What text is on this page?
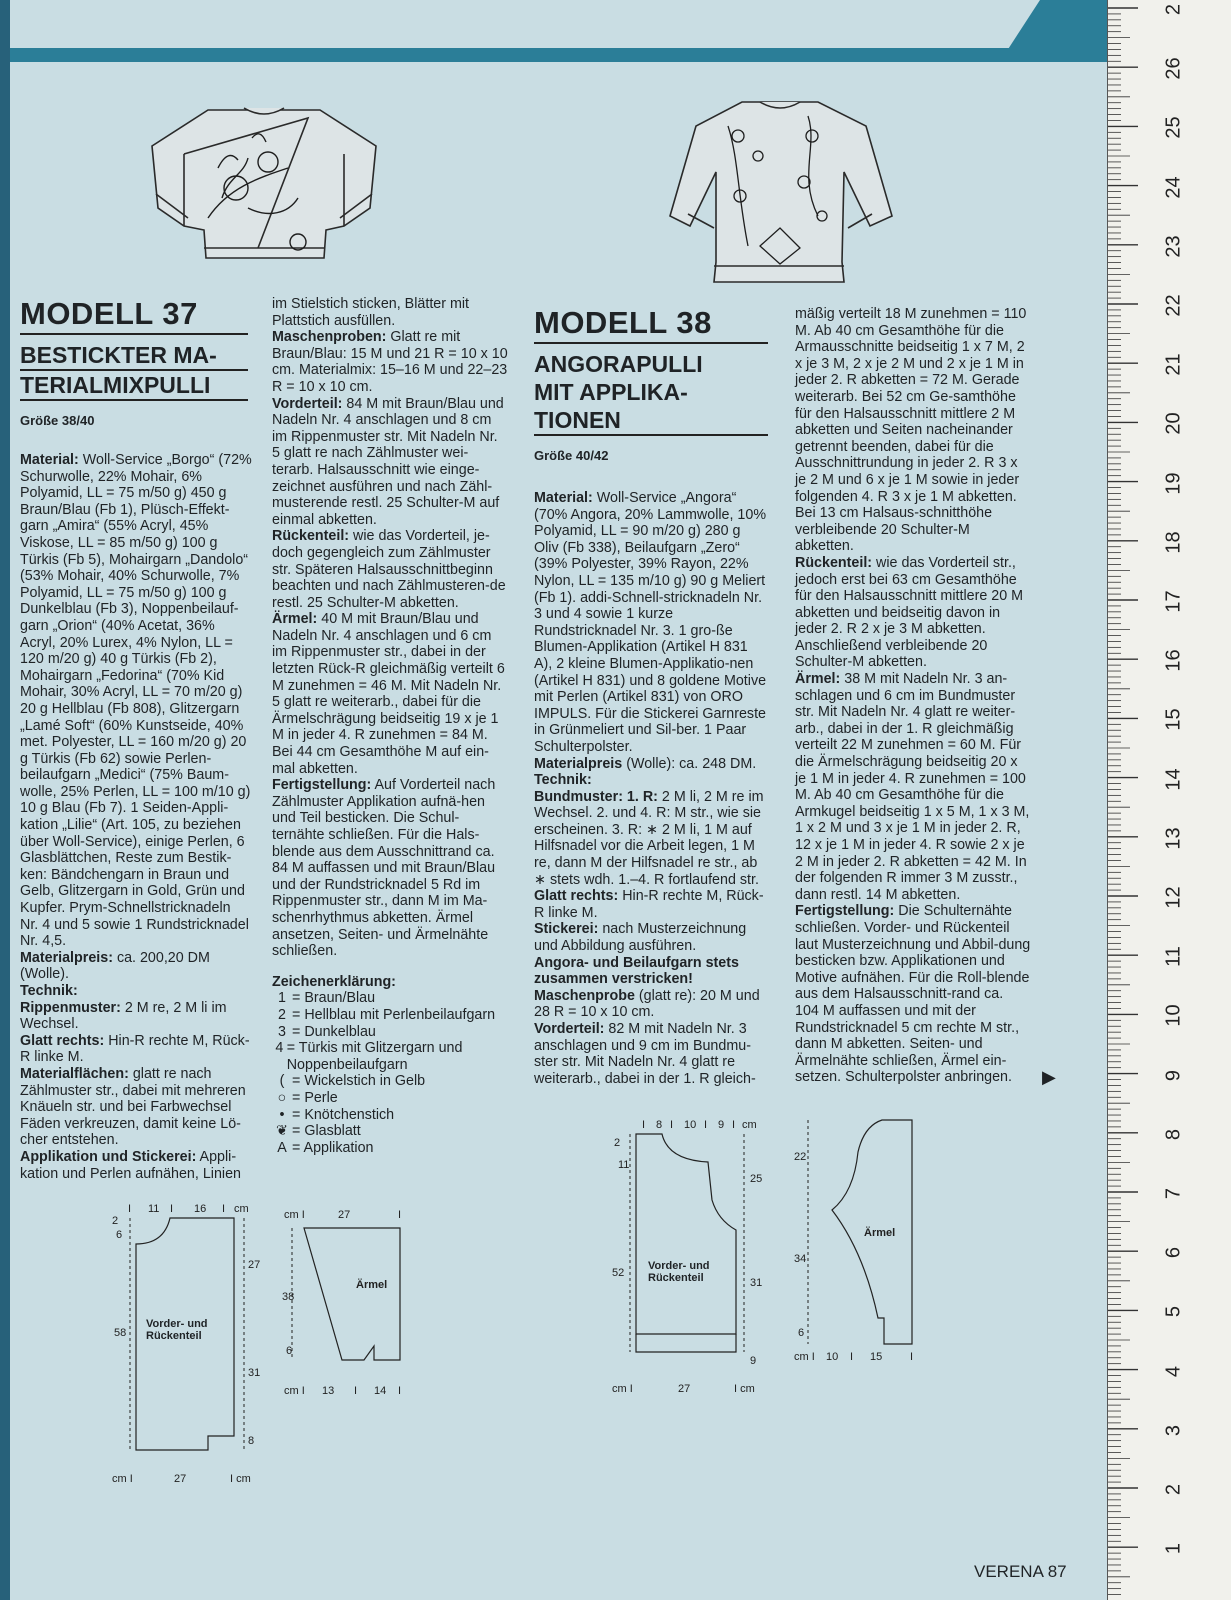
MODELL 37
BESTICKTER MA-
TERIALMIXPULLI
Größe 38/40

Material: Woll-Service „Borgo“ (72% Schurwolle, 22% Mohair, 6% Polyamid, LL = 75 m/50 g) 450 g Braun/Blau (Fb 1), Plüsch-Effekt-garn „Amira“ (55% Acryl, 45% Viskose, LL = 85 m/50 g) 100 g Türkis (Fb 5), Mohairgarn „Dandolo“ (53% Mohair, 40% Schurwolle, 7% Polyamid, LL = 75 m/50 g) 100 g Dunkelblau (Fb 3), Noppenbeilauf-garn „Orion“ (40% Acetat, 36% Acryl, 20% Lurex, 4% Nylon, LL = 120 m/20 g) 40 g Türkis (Fb 2), Mohairgarn „Fedorina“ (70% Kid Mohair, 30% Acryl, LL = 70 m/20 g) 20 g Hellblau (Fb 808), Glitzergarn „Lamé Soft“ (60% Kunstseide, 40% met. Polyester, LL = 160 m/20 g) 20 g Türkis (Fb 62) sowie Perlen-beilaufgarn „Medici“ (75% Baum-wolle, 25% Perlen, LL = 100 m/10 g) 10 g Blau (Fb 7). 1 Seiden-Appli-kation „Lilie“ (Art. 105, zu beziehen über Woll-Service), einige Perlen, 6 Glasblättchen, Reste zum Bestik-ken: Bändchengarn in Braun und Gelb, Glitzergarn in Gold, Grün und Kupfer. Prym-Schnellstricknadeln Nr. 4 und 5 sowie 1 Rundstricknadel Nr. 4,5.

Materialpreis: ca. 200,20 DM (Wolle).

Technik:

Rippenmuster: 2 M re, 2 M li im Wechsel.

Glatt rechts: Hin-R rechte M, Rück-R linke M.

Materialflächen: glatt re nach Zählmuster str., dabei mit mehreren Knäueln str. und bei Farbwechsel Fäden verkreuzen, damit keine Lö-cher entstehen.

Applikation und Stickerei: Appli-kation und Perlen aufnähen, Linien

im Stielstich sticken, Blätter mit Plattstich ausfüllen.

Maschenproben: Glatt re mit Braun/Blau: 15 M und 21 R = 10 x 10 cm. Materialmix: 15–16 M und 22–23 R = 10 x 10 cm.

Vorderteil: 84 M mit Braun/Blau und Nadeln Nr. 4 anschlagen und 8 cm im Rippenmuster str. Mit Nadeln Nr. 5 glatt re nach Zählmuster wei-terarb. Halsausschnitt wie einge-zeichnet ausführen und nach Zähl-musterende restl. 25 Schulter-M auf einmal abketten.

Rückenteil: wie das Vorderteil, je-doch gegengleich zum Zählmuster str. Späteren Halsausschnittbeginn beachten und nach Zählmusteren-de restl. 25 Schulter-M abketten.

Ärmel: 40 M mit Braun/Blau und Nadeln Nr. 4 anschlagen und 6 cm im Rippenmuster str., dabei in der letzten Rück-R gleichmäßig verteilt 6 M zunehmen = 46 M. Mit Nadeln Nr. 5 glatt re weiterarb., dabei für die Ärmelschrägung beidseitig 19 x je 1 M in jeder 4. R zunehmen = 84 M. Bei 44 cm Gesamthöhe M auf ein-mal abketten.

Fertigstellung: Auf Vorderteil nach Zählmuster Applikation aufnä-hen und Teil besticken. Die Schul-ternähte schließen. Für die Hals-blende aus dem Ausschnittrand ca. 84 M auffassen und mit Braun/Blau und der Rundstricknadel 5 Rd im Rippenmuster str., dann M im Ma-schenrhythmus abketten. Ärmel ansetzen, Seiten- und Ärmelnähte schließen.

Zeichenerklärung:
1 = Braun/Blau
2 = Hellblau mit Perlenbeilaufgarn
3 = Dunkelblau
4 = Türkis mit Glitzergarn und Noppenbeilaufgarn
( = Wickelstich in Gelb
○ = Perle
• = Knötchenstich
❦ = Glasblatt
A = Applikation
MODELL 38
ANGORAPULLI
MIT APPLIKA-
TIONEN
Größe 40/42

Material: Woll-Service „Angora“ (70% Angora, 20% Lammwolle, 10% Polyamid, LL = 90 m/20 g) 280 g Oliv (Fb 338), Beilaufgarn „Zero“ (39% Polyester, 39% Rayon, 22% Nylon, LL = 135 m/10 g) 90 g Meliert (Fb 1). addi-Schnell-stricknadeln Nr. 3 und 4 sowie 1 kurze Rundstricknadel Nr. 3. 1 gro-ße Blumen-Applikation (Artikel H 831 A), 2 kleine Blumen-Applikatio-nen (Artikel H 831) und 8 goldene Motive mit Perlen (Artikel 831) von ORO IMPULS. Für die Stickerei Garnreste in Grünmeliert und Sil-ber. 1 Paar Schulterpolster.

Materialpreis (Wolle): ca. 248 DM.

Technik:

Bundmuster: 1. R: 2 M li, 2 M re im Wechsel. 2. und 4. R: M str., wie sie erscheinen. 3. R: ∗ 2 M li, 1 M auf Hilfsnadel vor die Arbeit legen, 1 M re, dann M der Hilfsnadel re str., ab ∗ stets wdh. 1.–4. R fortlaufend str.

Glatt rechts: Hin-R rechte M, Rück-R linke M.

Stickerei: nach Musterzeichnung und Abbildung ausführen.

Angora- und Beilaufgarn stets zusammen verstricken!

Maschenprobe (glatt re): 20 M und 28 R = 10 x 10 cm.

Vorderteil: 82 M mit Nadeln Nr. 3 anschlagen und 9 cm im Bundmu-ster str. Mit Nadeln Nr. 4 glatt re weiterarb., dabei in der 1. R gleich-

mäßig verteilt 18 M zunehmen = 110 M. Ab 40 cm Gesamthöhe für die Armausschnitte beidseitig 1 x 7 M, 2 x je 3 M, 2 x je 2 M und 2 x je 1 M in jeder 2. R abketten = 72 M. Gerade weiterarb. Bei 52 cm Ge-samthöhe für den Halsausschnitt mittlere 2 M abketten und Seiten nacheinander getrennt beenden, dabei für die Ausschnittrundung in jeder 2. R 3 x je 2 M und 6 x je 1 M sowie in jeder folgenden 4. R 3 x je 1 M abketten. Bei 13 cm Halsaus-schnitthöhe verbleibende 20 Schulter-M abketten.

Rückenteil: wie das Vorderteil str., jedoch erst bei 63 cm Gesamthöhe für den Halsausschnitt mittlere 20 M abketten und beidseitig davon in jeder 2. R 2 x je 3 M abketten. Anschließend verbleibende 20 Schulter-M abketten.

Ärmel: 38 M mit Nadeln Nr. 3 an-schlagen und 6 cm im Bundmuster str. Mit Nadeln Nr. 4 glatt re weiter-arb., dabei in der 1. R gleichmäßig verteilt 22 M zunehmen = 60 M. Für die Ärmelschrägung beidseitig 20 x je 1 M in jeder 4. R zunehmen = 100 M. Ab 40 cm Gesamthöhe für die Armkugel beidseitig 1 x 5 M, 1 x 3 M, 1 x 2 M und 3 x je 1 M in jeder 2. R, 12 x je 1 M in jeder 4. R sowie 2 x je 2 M in jeder 2. R abketten = 42 M. In der folgenden R immer 3 M zusstr., dann restl. 14 M abketten.

Fertigstellung: Die Schulternähte schließen. Vorder- und Rückenteil laut Musterzeichnung und Abbil-dung besticken bzw. Applikationen und Motive aufnähen. Für die Roll-blende aus dem Halsausschnitt-rand ca. 104 M auffassen und mit der Rundstricknadel 5 cm rechte M str., dann M abketten. Seiten- und Ärmelnähte schließen, Ärmel ein-setzen. Schulterpolster anbringen.	▶
I 11 I 16 I cm
2
6
58
27
31
8
cm I	27	I cm
Vorder- und Rückenteil
cm I	27	I
38
6
cm I 13 I 14 I
Ärmel
I 8 I 10 I 9 I cm
2
11
52
25
31
9
cm I	27	I cm
Vorder- und Rückenteil
22
34
6
cm I 10 I 15	I
Ärmel
2
26
25
24
23
22
21
20
19
18
17
16
15
14
13
12
11
10
9
8
7
6
5
4
3
2
1
VERENA 87
